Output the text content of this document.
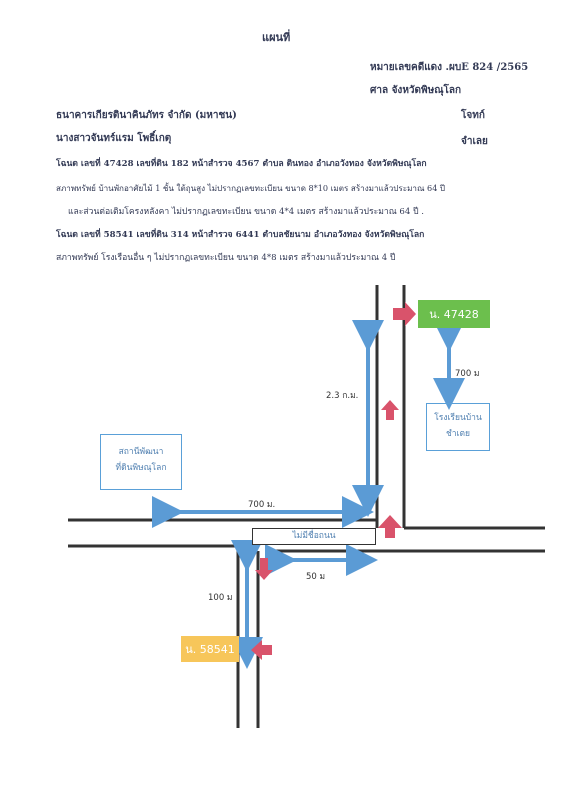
แผนที่
หมายเลขคดีแดง .ผบE 824 /2565
ศาล จังหวัดพิษณุโลก
ธนาคารเกียรตินาคินภัทร จำกัด (มหาชน)	โจทก์
นางสาวจันทร์แรม โพธิ์เกตุ	จำเลย
โฉนด เลขที่ 47428 เลขที่ดิน 182 หน้าสำรวจ 4567 ตำบล ดินทอง อำเภอวังทอง จังหวัดพิษณุโลก
สภาพทรัพย์ บ้านพักอาศัยไม้ 1 ชั้น ใต้ถุนสูง ไม่ปรากฏเลขทะเบียน ขนาด 8*10 เมตร สร้างมาแล้วประมาณ 64 ปี
และส่วนต่อเติมโครงหลังคา ไม่ปรากฏเลขทะเบียน ขนาด 4*4 เมตร สร้างมาแล้วประมาณ 64 ปี .
โฉนด เลขที่ 58541 เลขที่ดิน 314 หน้าสำรวจ 6441 ตำบลชัยนาม อำเภอวังทอง จังหวัดพิษณุโลก
สภาพทรัพย์ โรงเรือนอื่น ๆ ไม่ปรากฏเลขทะเบียน ขนาด 4*8 เมตร สร้างมาแล้วประมาณ 4 ปี
น. 47428
น. 58541
โรงเรียนบ้าน
ชำเตย
สถานีพัฒนา
ที่ดินพิษณุโลก
ไม่มีชื่อถนน
2.3 ก.ม.
700 ม
700 ม.
50 ม
100 ม
